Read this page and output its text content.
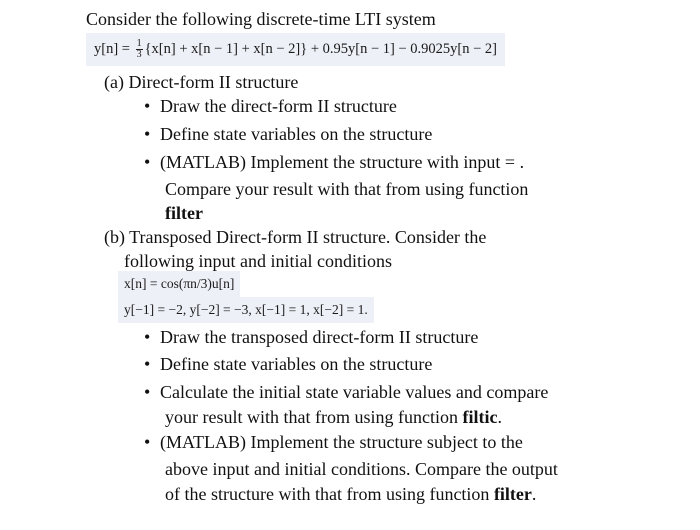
Consider the following discrete-time LTI system
$y[n] = \frac{1}{3} \{x[n] + x[n - 1] + x[n - 2]\} + 0.95y[n - 1] - 0.9025y[n - 2]$
(a) Direct-form II structure
• Draw the direct-form II structure
• Define state variables on the structure
• (MATLAB) Implement the structure with input = .
Compare your result with that from using function
filter
(b) Transposed Direct-form II structure. Consider the
following input and initial conditions
x[n] = cos(πn/3)u[n]
y[−1] = −2, y[−2] = −3, x[−1] = 1, x[−2] = 1.
• Draw the transposed direct-form II structure
• Define state variables on the structure
• Calculate the initial state variable values and compare
your result with that from using function filtic.
• (MATLAB) Implement the structure subject to the
above input and initial conditions. Compare the output
of the structure with that from using function filter.
